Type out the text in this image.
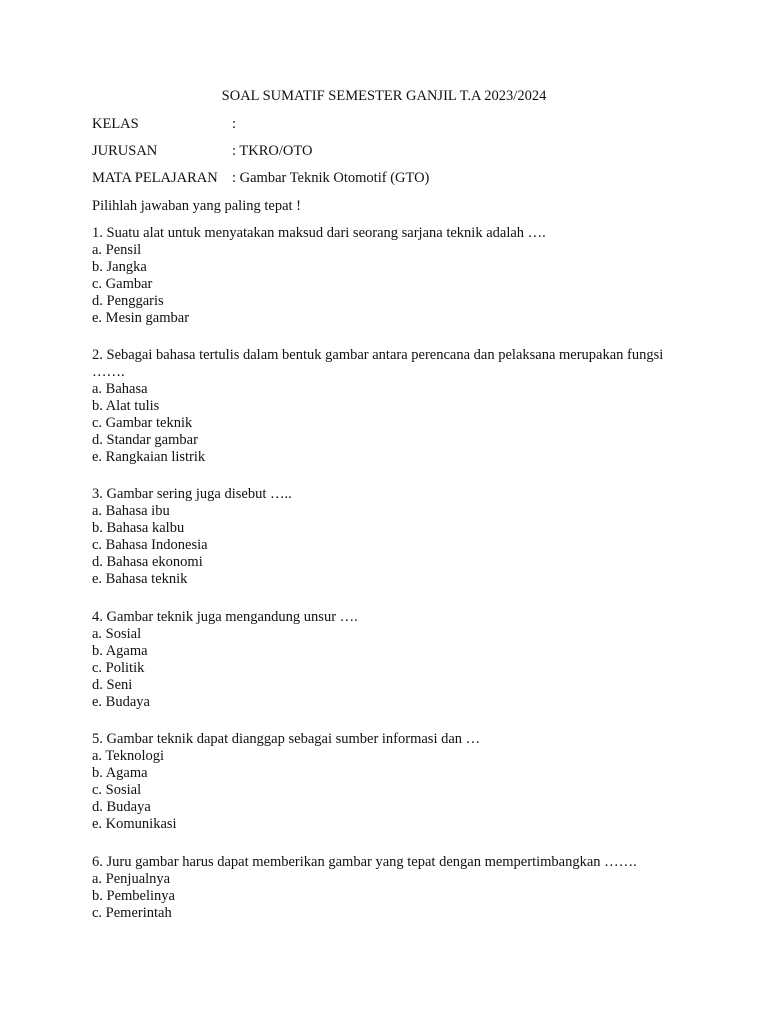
SOAL SUMATIF SEMESTER GANJIL T.A 2023/2024
KELAS	:
JURUSAN	: TKRO/OTO
MATA PELAJARAN : Gambar Teknik Otomotif (GTO)
Pilihlah jawaban yang paling tepat !
1. Suatu alat untuk menyatakan maksud dari seorang sarjana teknik adalah ….
a. Pensil
b. Jangka
c. Gambar
d. Penggaris
e. Mesin gambar
2. Sebagai bahasa tertulis dalam bentuk gambar antara perencana dan pelaksana merupakan fungsi …….
a. Bahasa
b. Alat tulis
c. Gambar teknik
d. Standar gambar
e. Rangkaian listrik
3. Gambar sering juga disebut …..
a. Bahasa ibu
b. Bahasa kalbu
c. Bahasa Indonesia
d. Bahasa ekonomi
e. Bahasa teknik
4. Gambar teknik juga mengandung unsur ….
a. Sosial
b. Agama
c. Politik
d. Seni
e. Budaya
5. Gambar teknik dapat dianggap sebagai sumber informasi dan …
a. Teknologi
b. Agama
c. Sosial
d. Budaya
e. Komunikasi
6. Juru gambar harus dapat memberikan gambar yang tepat dengan mempertimbangkan …….
a. Penjualnya
b. Pembelinya
c. Pemerintah
